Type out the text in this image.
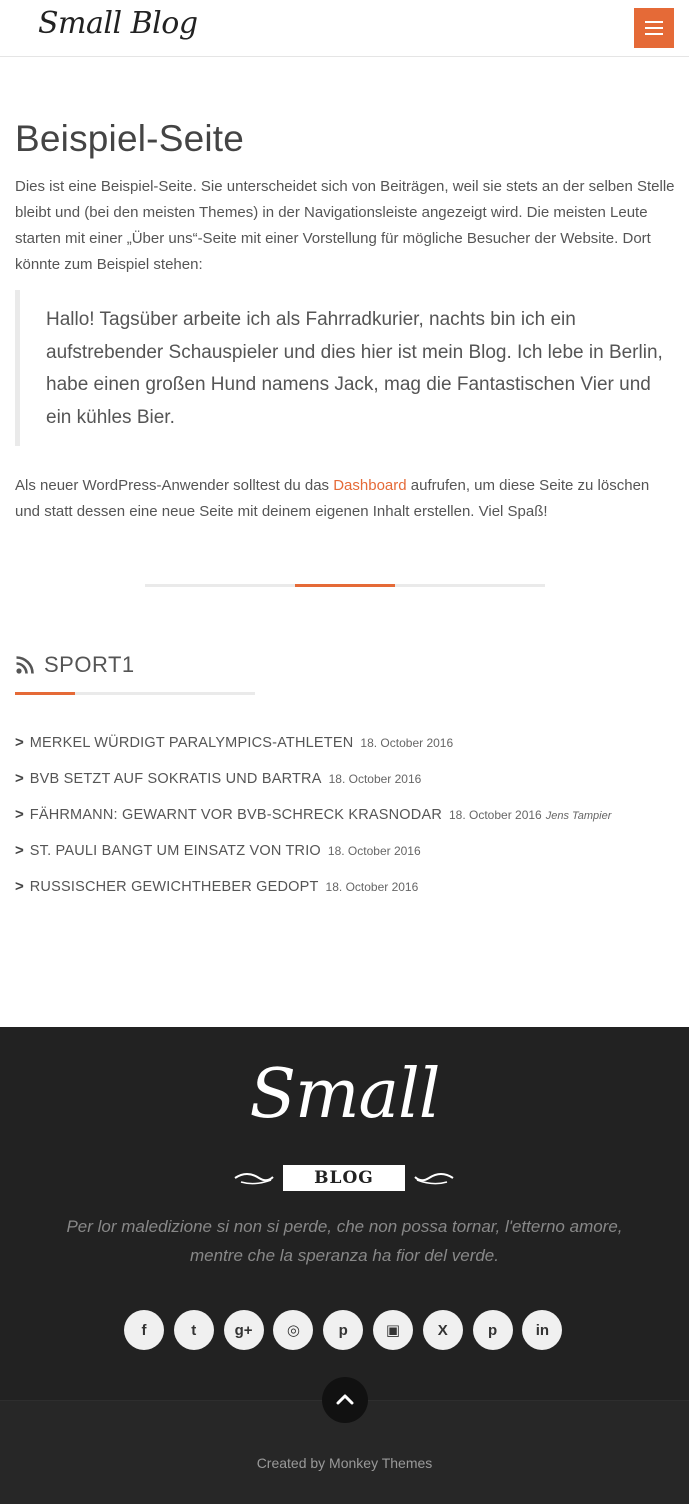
Small Blog
Beispiel-Seite

Dies ist eine Beispiel-Seite. Sie unterscheidet sich von Beiträgen, weil sie stets an der selben Stelle bleibt und (bei den meisten Themes) in der Navigationsleiste angezeigt wird. Die meisten Leute starten mit einer „Über uns“-Seite mit einer Vorstellung für mögliche Besucher der Website. Dort könnte zum Beispiel stehen:

Hallo! Tagsüber arbeite ich als Fahrradkurier, nachts bin ich ein aufstrebender Schauspieler und dies hier ist mein Blog. Ich lebe in Berlin, habe einen großen Hund namens Jack, mag die Fantastischen Vier und ein kühles Bier.

Als neuer WordPress-Anwender solltest du das Dashboard aufrufen, um diese Seite zu löschen und statt dessen eine neue Seite mit deinem eigenen Inhalt erstellen. Viel Spaß!

SPORT1
> MERKEL WÜRDIGT PARALYMPICS-ATHLETEN 18. October 2016
> BVB SETZT AUF SOKRATIS UND BARTRA 18. October 2016
> FÄHRMANN: GEWARNT VOR BVB-SCHRECK KRASNODAR 18. October 2016 Jens Tampier
> ST. PAULI BANGT UM EINSATZ VON TRIO 18. October 2016
> RUSSISCHER GEWICHTHEBER GEDOPT 18. October 2016
Small
BLOG

Per lor maledizione si non si perde, che non possa tornar, l'etterno amore, mentre che la speranza ha fior del verde.

f	t	g+	◎	p	▣	X	p	in
Created by Monkey Themes
